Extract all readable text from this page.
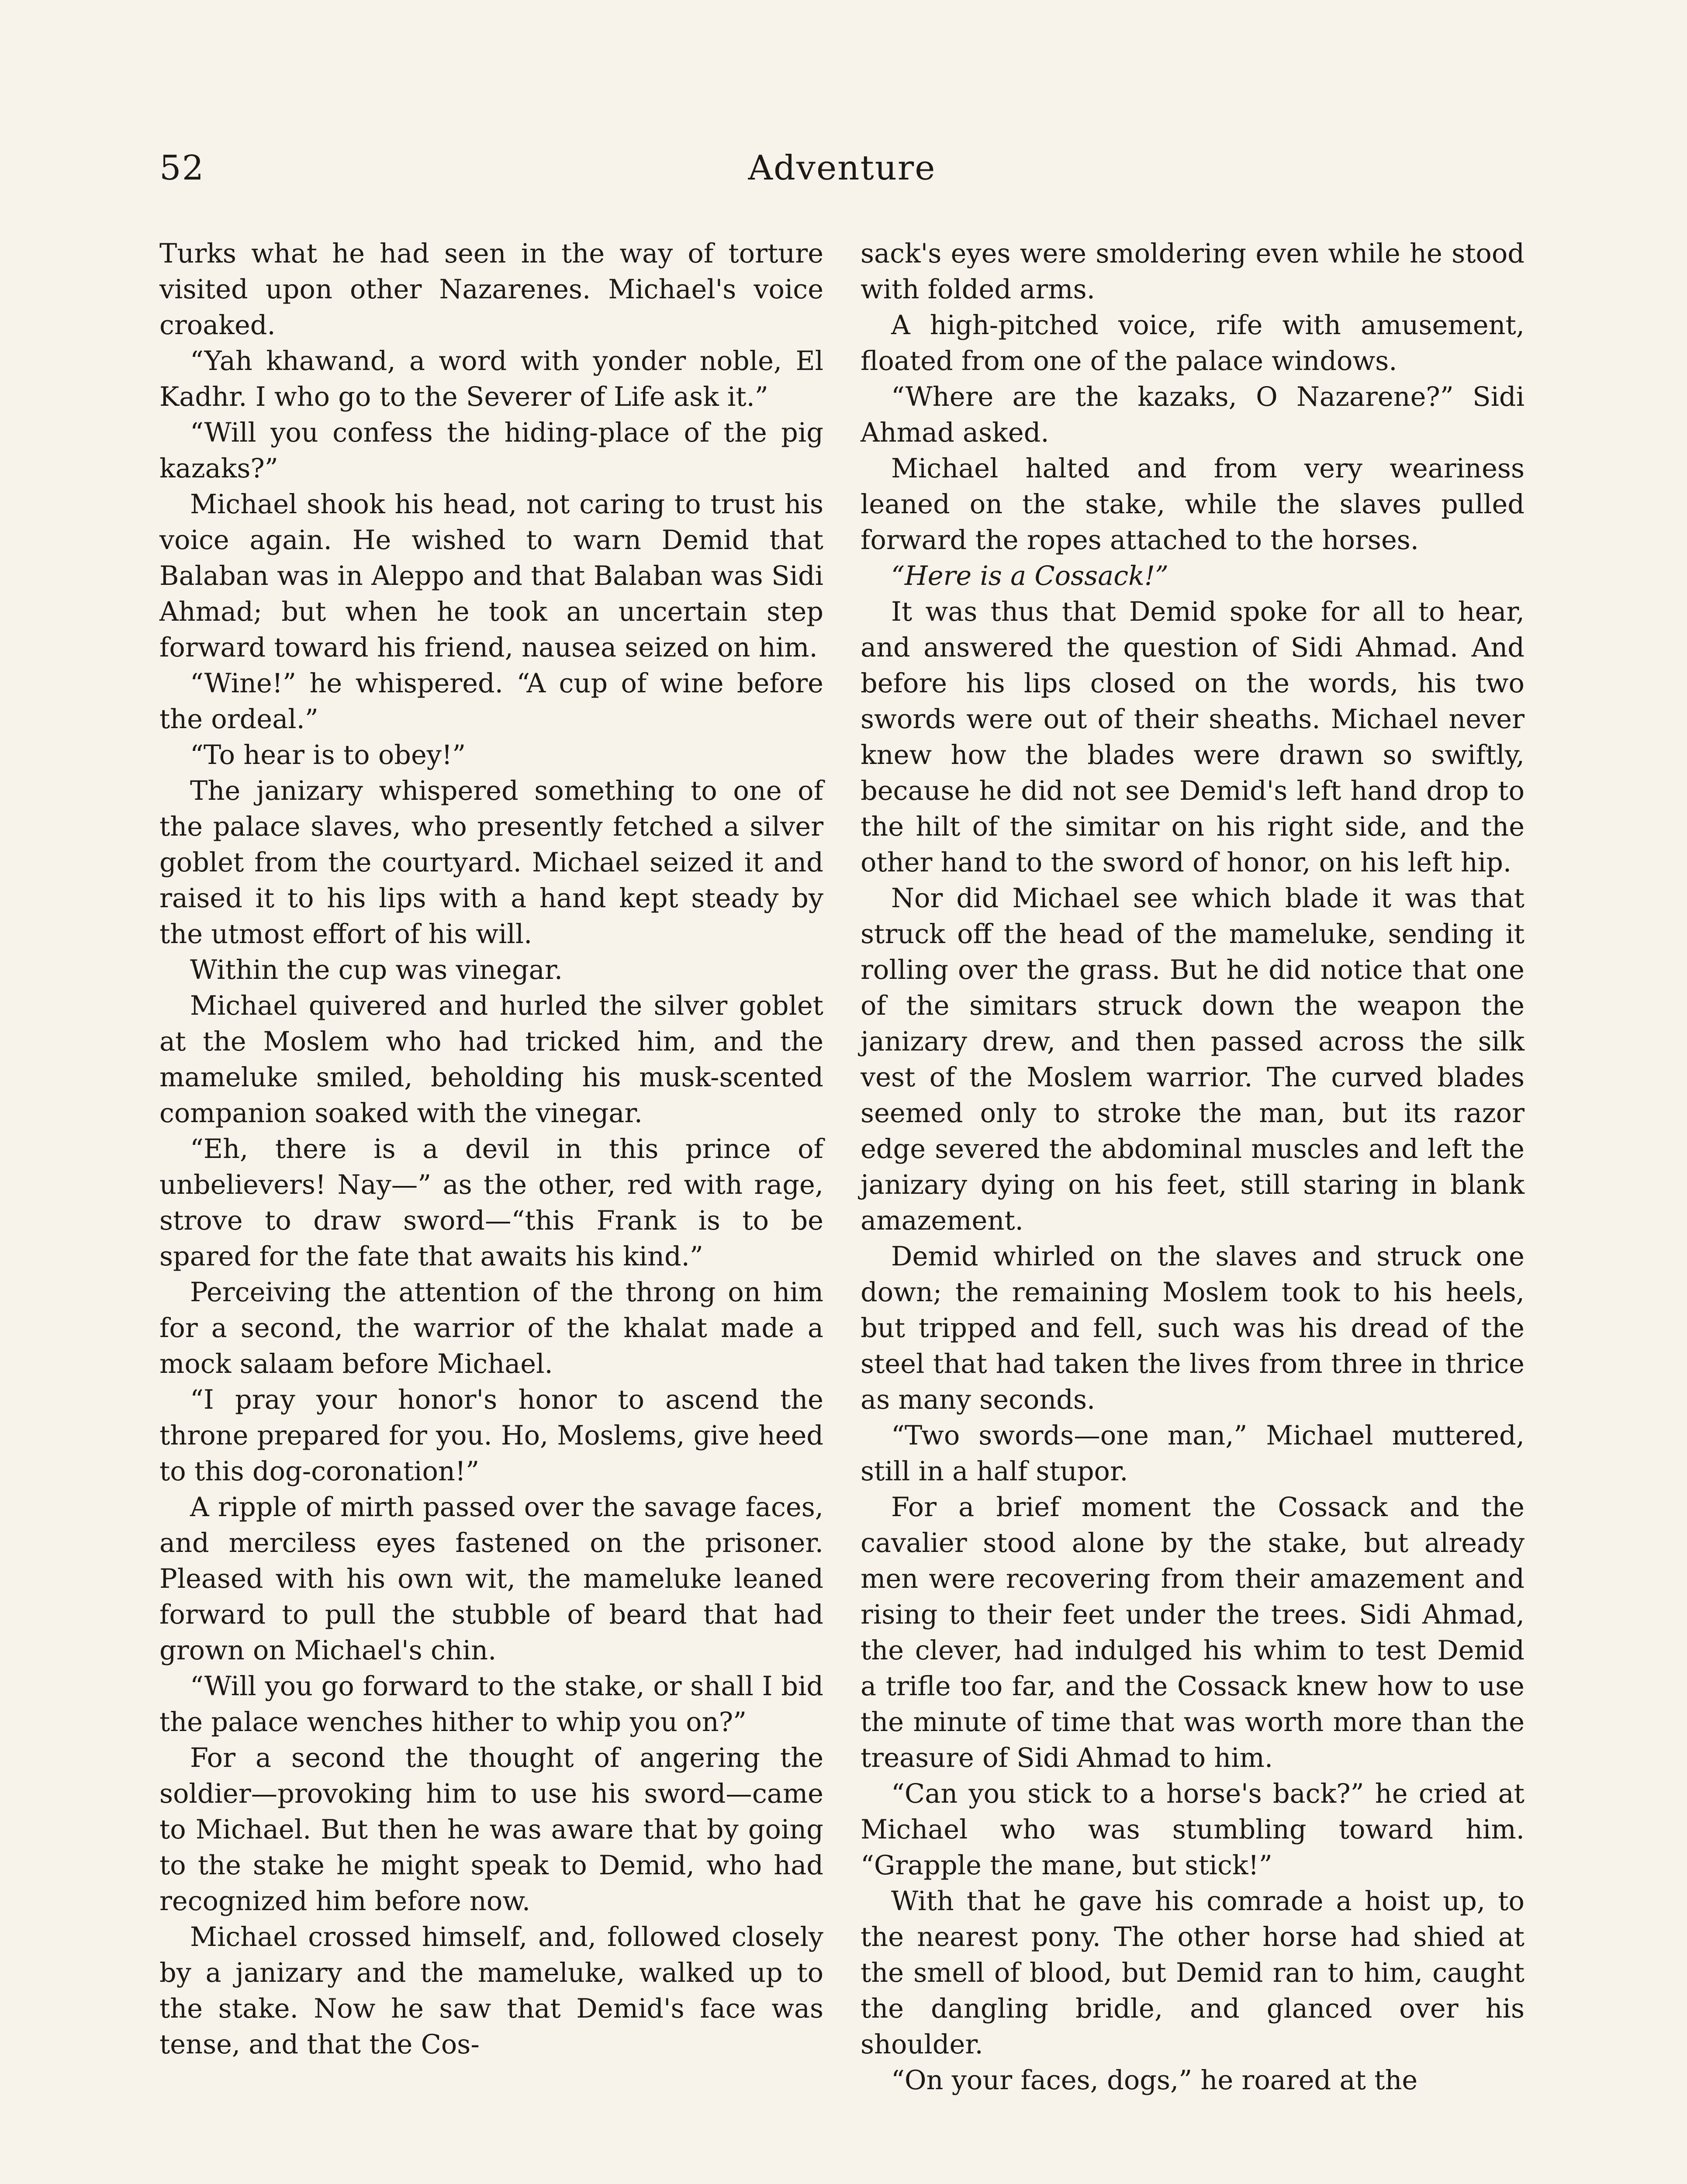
52	Adventure

Turks what he had seen in the way of torture visited upon other Nazarenes. Michael's voice croaked.

“Yah khawand, a word with yonder noble, El Kadhr. I who go to the Severer of Life ask it.”

“Will you confess the hiding-place of the pig kazaks?”

Michael shook his head, not caring to trust his voice again. He wished to warn Demid that Balaban was in Aleppo and that Balaban was Sidi Ahmad; but when he took an uncertain step forward toward his friend, nausea seized on him.

“Wine!” he whispered. “A cup of wine before the ordeal.”

“To hear is to obey!”

The janizary whispered something to one of the palace slaves, who presently fetched a silver goblet from the courtyard. Michael seized it and raised it to his lips with a hand kept steady by the utmost effort of his will.

Within the cup was vinegar.

Michael quivered and hurled the silver goblet at the Moslem who had tricked him, and the mameluke smiled, beholding his musk-scented companion soaked with the vinegar.

“Eh, there is a devil in this prince of unbelievers! Nay—” as the other, red with rage, strove to draw sword—“this Frank is to be spared for the fate that awaits his kind.”

Perceiving the attention of the throng on him for a second, the warrior of the khalat made a mock salaam before Michael.

“I pray your honor's honor to ascend the throne prepared for you. Ho, Moslems, give heed to this dog-coronation!”

A ripple of mirth passed over the savage faces, and merciless eyes fastened on the prisoner. Pleased with his own wit, the mameluke leaned forward to pull the stubble of beard that had grown on Michael's chin.

“Will you go forward to the stake, or shall I bid the palace wenches hither to whip you on?”

For a second the thought of angering the soldier—provoking him to use his sword—came to Michael. But then he was aware that by going to the stake he might speak to Demid, who had recognized him before now.

Michael crossed himself, and, followed closely by a janizary and the mameluke, walked up to the stake. Now he saw that Demid's face was tense, and that the Cos-

sack's eyes were smoldering even while he stood with folded arms.

A high-pitched voice, rife with amusement, floated from one of the palace windows.

“Where are the kazaks, O Nazarene?” Sidi Ahmad asked.

Michael halted and from very weariness leaned on the stake, while the slaves pulled forward the ropes attached to the horses.

“Here is a Cossack!”

It was thus that Demid spoke for all to hear, and answered the question of Sidi Ahmad. And before his lips closed on the words, his two swords were out of their sheaths. Michael never knew how the blades were drawn so swiftly, because he did not see Demid's left hand drop to the hilt of the simitar on his right side, and the other hand to the sword of honor, on his left hip.

Nor did Michael see which blade it was that struck off the head of the mameluke, sending it rolling over the grass. But he did notice that one of the simitars struck down the weapon the janizary drew, and then passed across the silk vest of the Moslem warrior. The curved blades seemed only to stroke the man, but its razor edge severed the abdominal muscles and left the janizary dying on his feet, still staring in blank amazement.

Demid whirled on the slaves and struck one down; the remaining Moslem took to his heels, but tripped and fell, such was his dread of the steel that had taken the lives from three in thrice as many seconds.

“Two swords—one man,” Michael muttered, still in a half stupor.

For a brief moment the Cossack and the cavalier stood alone by the stake, but already men were recovering from their amazement and rising to their feet under the trees. Sidi Ahmad, the clever, had indulged his whim to test Demid a trifle too far, and the Cossack knew how to use the minute of time that was worth more than the treasure of Sidi Ahmad to him.

“Can you stick to a horse's back?” he cried at Michael who was stumbling toward him. “Grapple the mane, but stick!”

With that he gave his comrade a hoist up, to the nearest pony. The other horse had shied at the smell of blood, but Demid ran to him, caught the dangling bridle, and glanced over his shoulder.

“On your faces, dogs,” he roared at the
